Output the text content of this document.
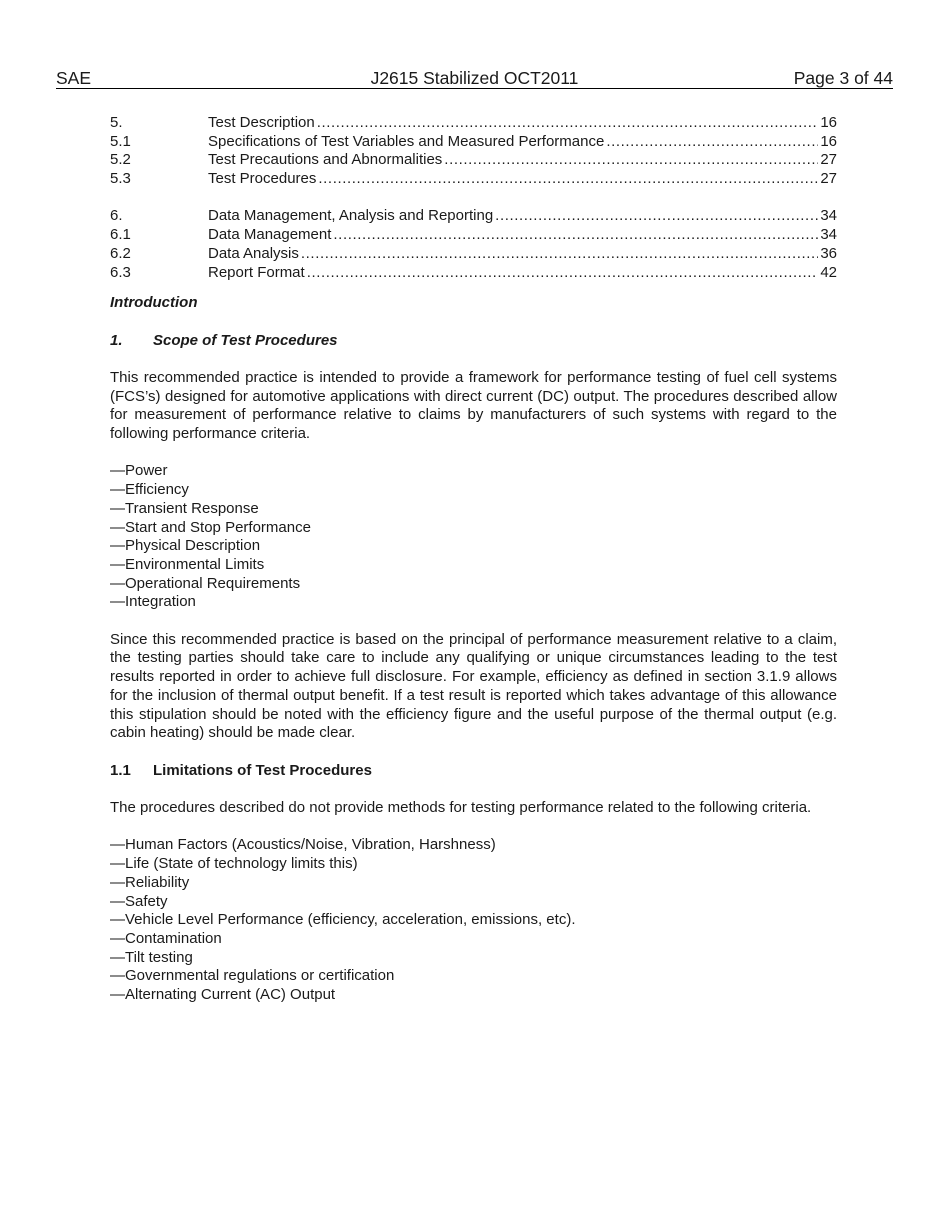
SAE	J2615 Stabilized OCT2011	Page 3 of 44
5.	Test Description .....	16
5.1	Specifications of Test Variables and Measured Performance .....	16
5.2	Test Precautions and Abnormalities .....	27
5.3	Test Procedures .....	27
6.	Data Management, Analysis and Reporting .....	34
6.1	Data Management .....	34
6.2	Data Analysis .....	36
6.3	Report Format .....	42
Introduction
1. Scope of Test Procedures

This recommended practice is intended to provide a framework for performance testing of fuel cell systems (FCS’s) designed for automotive applications with direct current (DC) output. The procedures described allow for measurement of performance relative to claims by manufacturers of such systems with regard to the following performance criteria.

—Power
—Efficiency
—Transient Response
—Start and Stop Performance
—Physical Description
—Environmental Limits
—Operational Requirements
—Integration

Since this recommended practice is based on the principal of performance measurement relative to a claim, the testing parties should take care to include any qualifying or unique circumstances leading to the test results reported in order to achieve full disclosure. For example, efficiency as defined in section 3.1.9 allows for the inclusion of thermal output benefit. If a test result is reported which takes advantage of this allowance this stipulation should be noted with the efficiency figure and the useful purpose of the thermal output (e.g. cabin heating) should be made clear.

1.1 Limitations of Test Procedures

The procedures described do not provide methods for testing performance related to the following criteria.

—Human Factors (Acoustics/Noise, Vibration, Harshness)
—Life (State of technology limits this)
—Reliability
—Safety
—Vehicle Level Performance (efficiency, acceleration, emissions, etc).
—Contamination
—Tilt testing
—Governmental regulations or certification
—Alternating Current (AC) Output
